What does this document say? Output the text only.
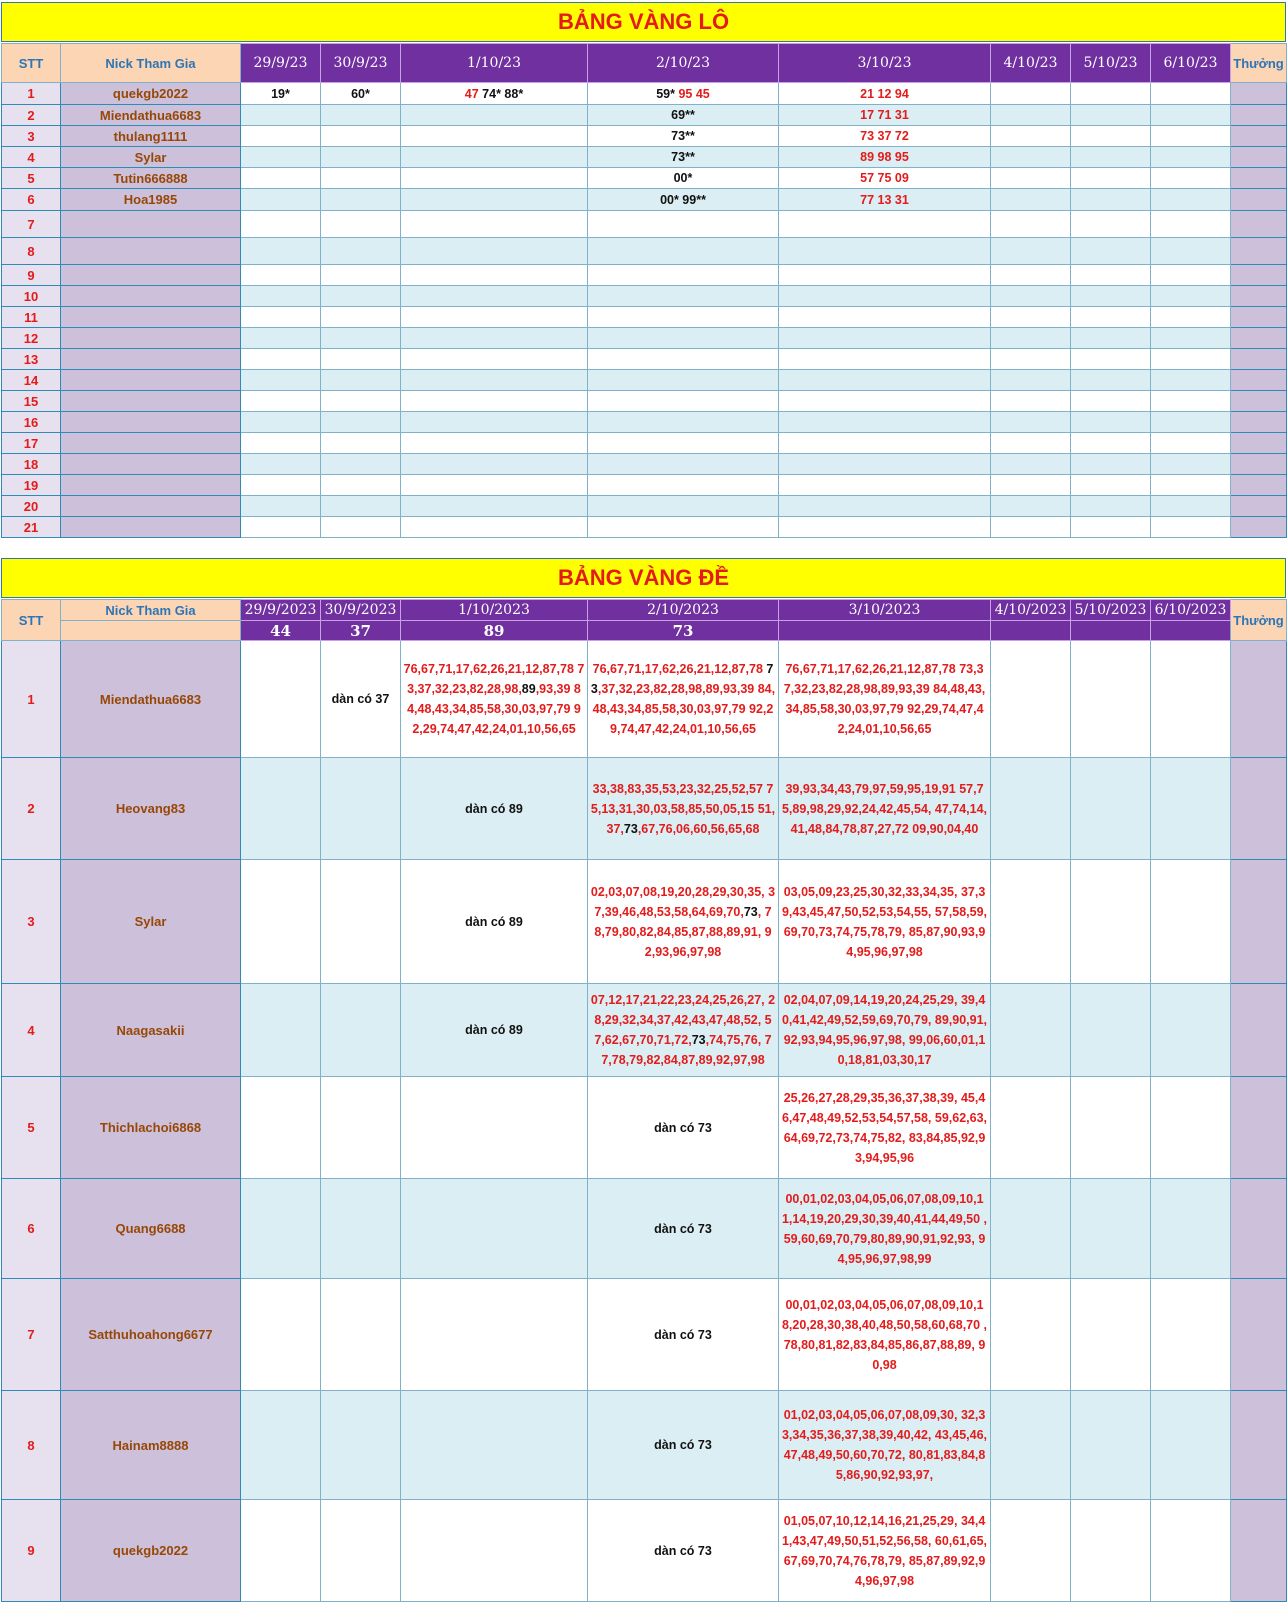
BẢNG VÀNG LÔ
STT	Nick Tham Gia	29/9/23	30/9/23	1/10/23	2/10/23	3/10/23	4/10/23	5/10/23	6/10/23	Thưởng
1	quekgb2022	19*	60*	47 74* 88*	59* 95 45	21 12 94				
2	Miendathua6683				69**	17 71 31				
3	thulang1111				73**	73 37 72				
4	Sylar				73**	89 98 95				
5	Tutin666888				00*	57 75 09				
6	Hoa1985				00* 99**	77 13 31				
7										
8										
9										
10										
11										
12										
13										
14										
15										
16										
17										
18										
19										
20										
21										
BẢNG VÀNG ĐỀ
STT	Nick Tham Gia	29/9/2023	30/9/2023	1/10/2023	2/10/2023	3/10/2023	4/10/2023	5/10/2023	6/10/2023	Thưởng
		44	37	89	73					
1	Miendathua6683		dàn có 37	76,67,71,17,62,26,21,12,87,78 73,37,32,23,82,28,98,89,93,39 84,48,43,34,85,58,30,03,97,79 92,29,74,47,42,24,01,10,56,65	76,67,71,17,62,26,21,12,87,78 73,37,32,23,82,28,98,89,93,39 84,48,43,34,85,58,30,03,97,79 92,29,74,47,42,24,01,10,56,65	76,67,71,17,62,26,21,12,87,78 73,37,32,23,82,28,98,89,93,39 84,48,43,34,85,58,30,03,97,79 92,29,74,47,42,24,01,10,56,65				
2	Heovang83			dàn có 89	33,38,83,35,53,23,32,25,52,57 75,13,31,30,03,58,85,50,05,15 51,37,73,67,76,06,60,56,65,68	39,93,34,43,79,97,59,95,19,91 57,75,89,98,29,92,24,42,45,54, 47,74,14,41,48,84,78,87,27,72 09,90,04,40				
3	Sylar			dàn có 89	02,03,07,08,19,20,28,29,30,35, 37,39,46,48,53,58,64,69,70,73, 78,79,80,82,84,85,87,88,89,91, 92,93,96,97,98	03,05,09,23,25,30,32,33,34,35, 37,39,43,45,47,50,52,53,54,55, 57,58,59,69,70,73,74,75,78,79, 85,87,90,93,94,95,96,97,98				
4	Naagasakii			dàn có 89	07,12,17,21,22,23,24,25,26,27, 28,29,32,34,37,42,43,47,48,52, 57,62,67,70,71,72,73,74,75,76, 77,78,79,82,84,87,89,92,97,98	02,04,07,09,14,19,20,24,25,29, 39,40,41,42,49,52,59,69,70,79, 89,90,91,92,93,94,95,96,97,98, 99,06,60,01,10,18,81,03,30,17				
5	Thichlachoi6868				dàn có 73	25,26,27,28,29,35,36,37,38,39, 45,46,47,48,49,52,53,54,57,58, 59,62,63,64,69,72,73,74,75,82, 83,84,85,92,93,94,95,96				
6	Quang6688				dàn có 73	00,01,02,03,04,05,06,07,08,09,10,1 1,14,19,20,29,30,39,40,41,44,49,50 ,59,60,69,70,79,80,89,90,91,92,93, 94,95,96,97,98,99				
7	Satthuhoahong6677				dàn có 73	00,01,02,03,04,05,06,07,08,09,10,1 8,20,28,30,38,40,48,50,58,60,68,70 ,78,80,81,82,83,84,85,86,87,88,89, 90,98				
8	Hainam8888				dàn có 73	01,02,03,04,05,06,07,08,09,30, 32,33,34,35,36,37,38,39,40,42, 43,45,46,47,48,49,50,60,70,72, 80,81,83,84,85,86,90,92,93,97,				
9	quekgb2022				dàn có 73	01,05,07,10,12,14,16,21,25,29, 34,41,43,47,49,50,51,52,56,58, 60,61,65,67,69,70,74,76,78,79, 85,87,89,92,94,96,97,98				
